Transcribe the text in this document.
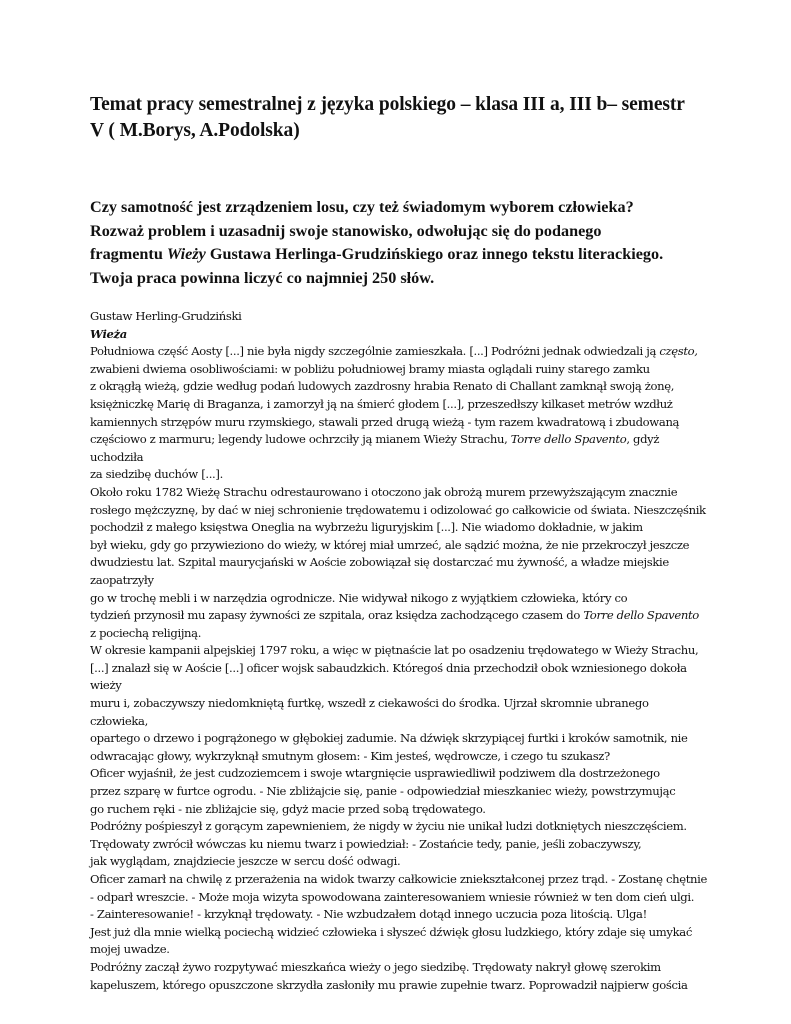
Temat pracy semestralnej z języka polskiego – klasa III a, III b– semestr
V ( M.Borys, A.Podolska)
Czy samotność jest zrządzeniem losu, czy też świadomym wyborem człowieka?
Rozważ problem i uzasadnij swoje stanowisko, odwołując się do podanego
fragmentu Wieży Gustawa Herlinga-Grudzińskiego oraz innego tekstu literackiego.
Twoja praca powinna liczyć co najmniej 250 słów.
Gustaw Herling-Grudziński
Wieża
Południowa część Aosty [...] nie była nigdy szczególnie zamieszkała. [...] Podróżni jednak odwiedzali ją często,
zwabieni dwiema osobliwościami: w pobliżu południowej bramy miasta oglądali ruiny starego zamku
z okrągłą wieżą, gdzie według podań ludowych zazdrosny hrabia Renato di Challant zamknął swoją żonę,
księżniczkę Marię di Braganza, i zamorzył ją na śmierć głodem [...], przeszedłszy kilkaset metrów wzdłuż
kamiennych strzępów muru rzymskiego, stawali przed drugą wieżą - tym razem kwadratową i zbudowaną
częściowo z marmuru; legendy ludowe ochrzciły ją mianem Wieży Strachu, Torre dello Spavento, gdyż
uchodziła
za siedzibę duchów [...].
Około roku 1782 Wieżę Strachu odrestaurowano i otoczono jak obrożą murem przewyższającym znacznie
rosłego mężczyznę, by dać w niej schronienie trędowatemu i odizolować go całkowicie od świata. Nieszczęśnik
pochodził z małego księstwa Oneglia na wybrzeżu liguryjskim [...]. Nie wiadomo dokładnie, w jakim
był wieku, gdy go przywieziono do wieży, w której miał umrzeć, ale sądzić można, że nie przekroczył jeszcze
dwudziestu lat. Szpital maurycjański w Aoście zobowiązał się dostarczać mu żywność, a władze miejskie
zaopatrzyły
go w trochę mebli i w narzędzia ogrodnicze. Nie widywał nikogo z wyjątkiem człowieka, który co
tydzień przynosił mu zapasy żywności ze szpitala, oraz księdza zachodzącego czasem do Torre dello Spavento
z pociechą religijną.
W okresie kampanii alpejskiej 1797 roku, a więc w piętnaście lat po osadzeniu trędowatego w Wieży Strachu,
[...] znalazł się w Aoście [...] oficer wojsk sabaudzkich. Któregoś dnia przechodził obok wzniesionego dokoła
wieży
muru i, zobaczywszy niedomkniętą furtkę, wszedł z ciekawości do środka. Ujrzał skromnie ubranego
człowieka,
opartego o drzewo i pogrążonego w głębokiej zadumie. Na dźwięk skrzypiącej furtki i kroków samotnik, nie
odwracając głowy, wykrzyknął smutnym głosem: - Kim jesteś, wędrowcze, i czego tu szukasz?
Oficer wyjaśnił, że jest cudzoziemcem i swoje wtargnięcie usprawiedliwił podziwem dla dostrzeżonego
przez szparę w furtce ogrodu. - Nie zbliżajcie się, panie - odpowiedział mieszkaniec wieży, powstrzymując
go ruchem ręki - nie zbliżajcie się, gdyż macie przed sobą trędowatego.
Podróżny pośpieszył z gorącym zapewnieniem, że nigdy w życiu nie unikał ludzi dotkniętych nieszczęściem.
Trędowaty zwrócił wówczas ku niemu twarz i powiedział: - Zostańcie tedy, panie, jeśli zobaczywszy,
jak wyglądam, znajdziecie jeszcze w sercu dość odwagi.
Oficer zamarł na chwilę z przerażenia na widok twarzy całkowicie zniekształconej przez trąd. - Zostanę chętnie
- odparł wreszcie. - Może moja wizyta spowodowana zainteresowaniem wniesie również w ten dom cień ulgi.
- Zainteresowanie! - krzyknął trędowaty. - Nie wzbudzałem dotąd innego uczucia poza litością. Ulga!
Jest już dla mnie wielką pociechą widzieć człowieka i słyszeć dźwięk głosu ludzkiego, który zdaje się umykać
mojej uwadze.
Podróżny zaczął żywo rozpytywać mieszkańca wieży o jego siedzibę. Trędowaty nakrył głowę szerokim
kapeluszem, którego opuszczone skrzydła zasłoniły mu prawie zupełnie twarz. Poprowadził najpierw gościa
